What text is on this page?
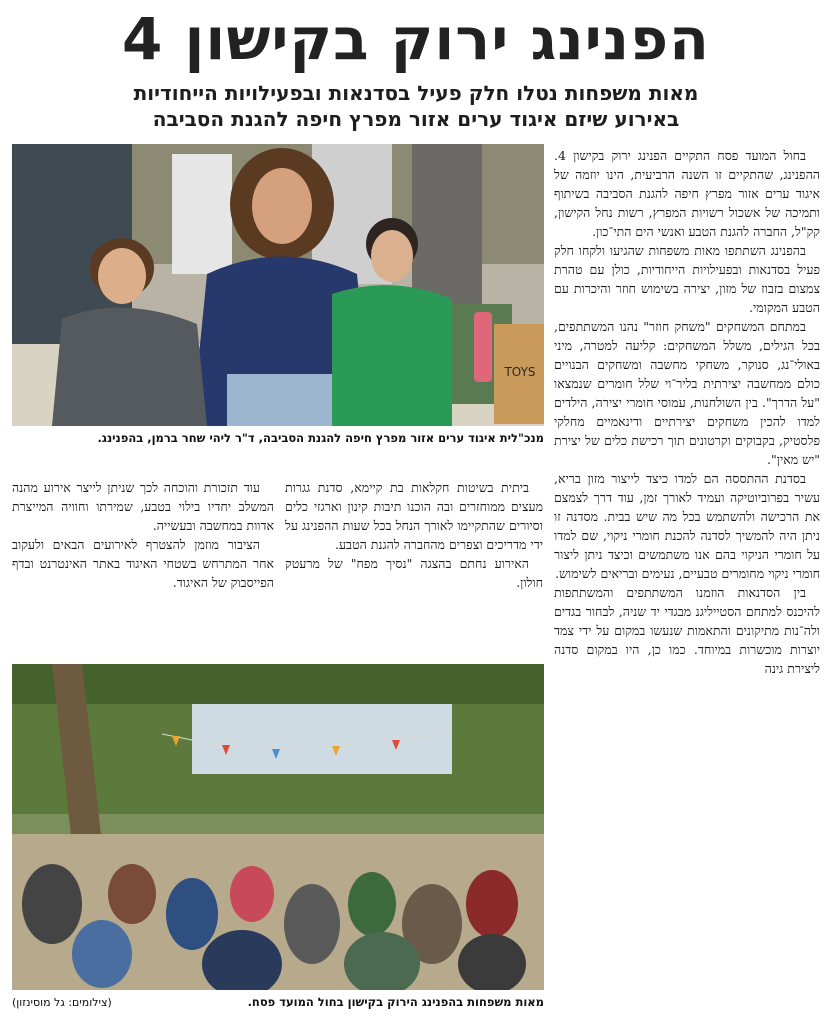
הפנינג ירוק בקישון 4
מאות משפחות נטלו חלק פעיל בסדנאות ובפעילויות הייחודיות
באירוע שיזם איגוד ערים אזור מפרץ חיפה להגנת הסביבה
TOYS
מנכ"לית איגוד ערים אזור מפרץ חיפה להגנת הסביבה, ד"ר ליהי שחר ברמן, בהפנינג.

בחול המועד פסח התקיים הפנינג ירוק בקישון 4. ההפנינג, שהתקיים זו השנה הרביעית, הינו יוזמה של איגוד ערים אזור מפרץ חיפה להגנת הסביבה בשיתוף ותמיכה של אשכול רשויות המפרץ, רשות נחל הקישון, קק"ל, החברה להגנת הטבע ואנשי הים התי־כון.

בהפנינג השתתפו מאות משפחות שהגיעו ולקחו חלק פעיל בסדנאות ובפעילויות הייחודיות, כולן עם טהרת צמצום בזבוז של מזון, יצירה בשימוש חוזר והיכרות עם הטבע המקומי.

במתחם המשחקים "משחק חוזר" נהנו המשתתפים, בכל הגילים, משלל המשחקים: קליעה למטרה, מיני באולי־נג, סנוקר, משחקי מחשבה ומשחקים הבנויים כולם ממחשבה יצירתית בליר־וי שלל חומרים שנמצאו "על הדרך". בין השולחנות, עמוסי חומרי יצירה, הילדים למדו להכין משחקים יצירתיים ודינאמיים מחלקי פלסטיק, בקבוקים וקרטונים תוך רכישת כלים של יצירת "יש מאין".

בסדנת ההתססה הם למדו כיצד לייצור מזון בריא, עשיר בפרוביוטיקה ועמיד לאורך זמן, עוד דרך לצמצם את הרכישה ולהשתמש בכל מה שיש בבית. מסדנה זו ניתן היה להמשיך לסדנה להכנת חומרי ניקוי, שם למדו על חומרי הניקוי בהם אנו משתמשים וכיצד ניתן ליצור חומרי ניקוי מחומרים טבעיים, נעימים ובריאים לשימוש.

בין הסדנאות הוזמנו המשתתפים והמשתתפות להיכנס למתחם הסטייליגנ מבגדי יד שניה, לבחור בגדים ולה־נות מתיקונים והתאמות שנעשו במקום על ידי צמד יוצרות מוכשרות במיוחד. כמו כן, היו במקום סדנה ליצירת גינה

ביתית בשיטות חקלאות בת קיימא, סדנת גגרות מעצים ממוחזרים ובה הוכנו תיבות קינון וארגזי כלים וסיורים שהתקיימו לאורך הנחל בכל שעות ההפנינג על ידי מדריכים וצפרים מהחברה להגנת הטבע.

האירוע נחתם בהצגה "נסיך מפח" של מרעטק חולון.

עוד תזכורת והוכחה לכך שניתן לייצר אירוע מהנה המשלב יחדיו בילוי בטבע, שמירתו וחוויה המייצרת אדוות במחשבה ובעשייה.

הציבור מוזמן להצטרף לאירועים הבאים ולעקוב אחר המתרחש בשטחי האיגוד באתר האינטרנט ובדף הפייסבוק של האיגוד.

מאות משפחות בהפנינג הירוק בקישון בחול המועד פסח.
(צילומים: גל מוסינזון)
